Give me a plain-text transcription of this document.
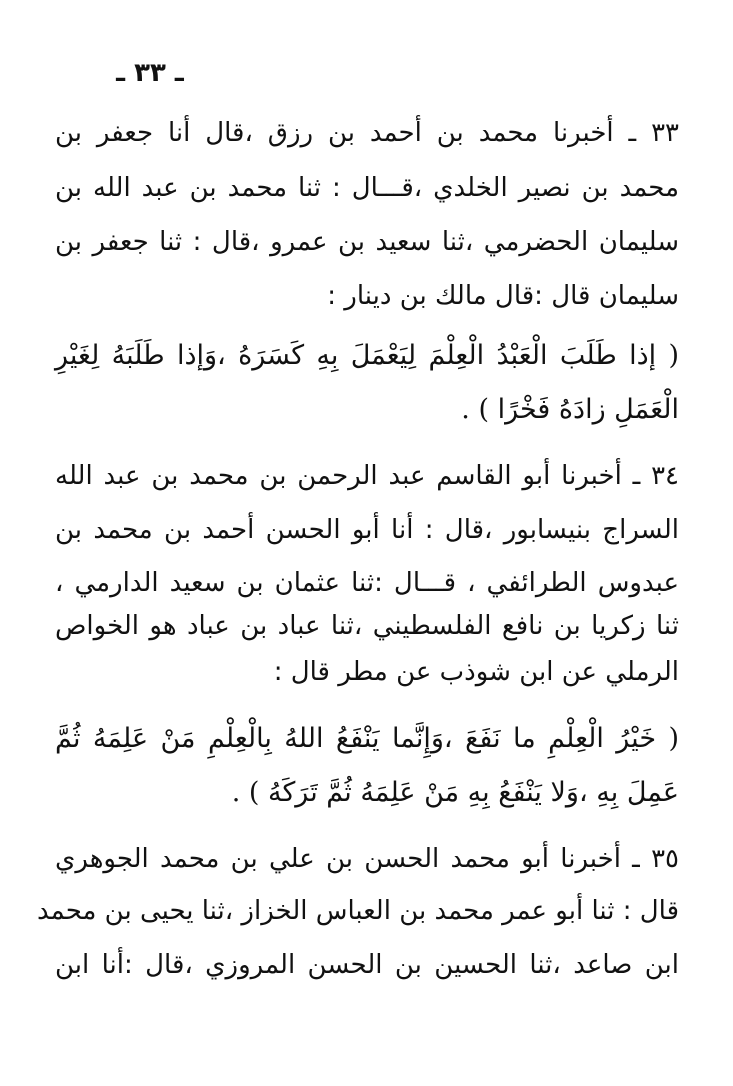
ـ ٣٣ ـ
٣٣ ـ أخبرنا محمد بن أحمد بن رزق ،قال أنا جعفر بن
محمد بن نصير الخلدي ،قـــال : ثنا محمد بن عبد الله بن
سليمان الحضرمي ،ثنا سعيد بن عمرو ،قال : ثنا جعفر بن
سليمان قال :قال مالك بن دينار :
( إذا طَلَبَ الْعَبْدُ الْعِلْمَ لِيَعْمَلَ بِهِ كَسَرَهُ ،وَإذا طَلَبَهُ لِغَيْرِ
الْعَمَلِ زادَهُ فَخْرًا ) .
٣٤ ـ أخبرنا أبو القاسم عبد الرحمن بن محمد بن عبد الله
السراج بنيسابور ،قال : أنا أبو الحسن أحمد بن محمد بن
عبدوس الطرائفي ، قـــال :ثنا عثمان بن سعيد الدارمي ،
ثنا زكريا بن نافع الفلسطيني ،ثنا عباد بن عباد هو الخواص
الرملي عن ابن شوذب عن مطر قال :
( خَيْرُ الْعِلْمِ ما نَفَعَ ،وَإِنَّما يَنْفَعُ اللهُ بِالْعِلْمِ مَنْ عَلِمَهُ ثُمَّ
عَمِلَ بِهِ ،وَلا يَنْفَعُ بِهِ مَنْ عَلِمَهُ ثُمَّ تَرَكَهُ ) .
٣٥ ـ أخبرنا أبو محمد الحسن بن علي بن محمد الجوهري
قال : ثنا أبو عمر محمد بن العباس الخزاز ،ثنا يحيى بن محمد
ابن صاعد ،ثنا الحسين بن الحسن المروزي ،قال :أنا ابن
